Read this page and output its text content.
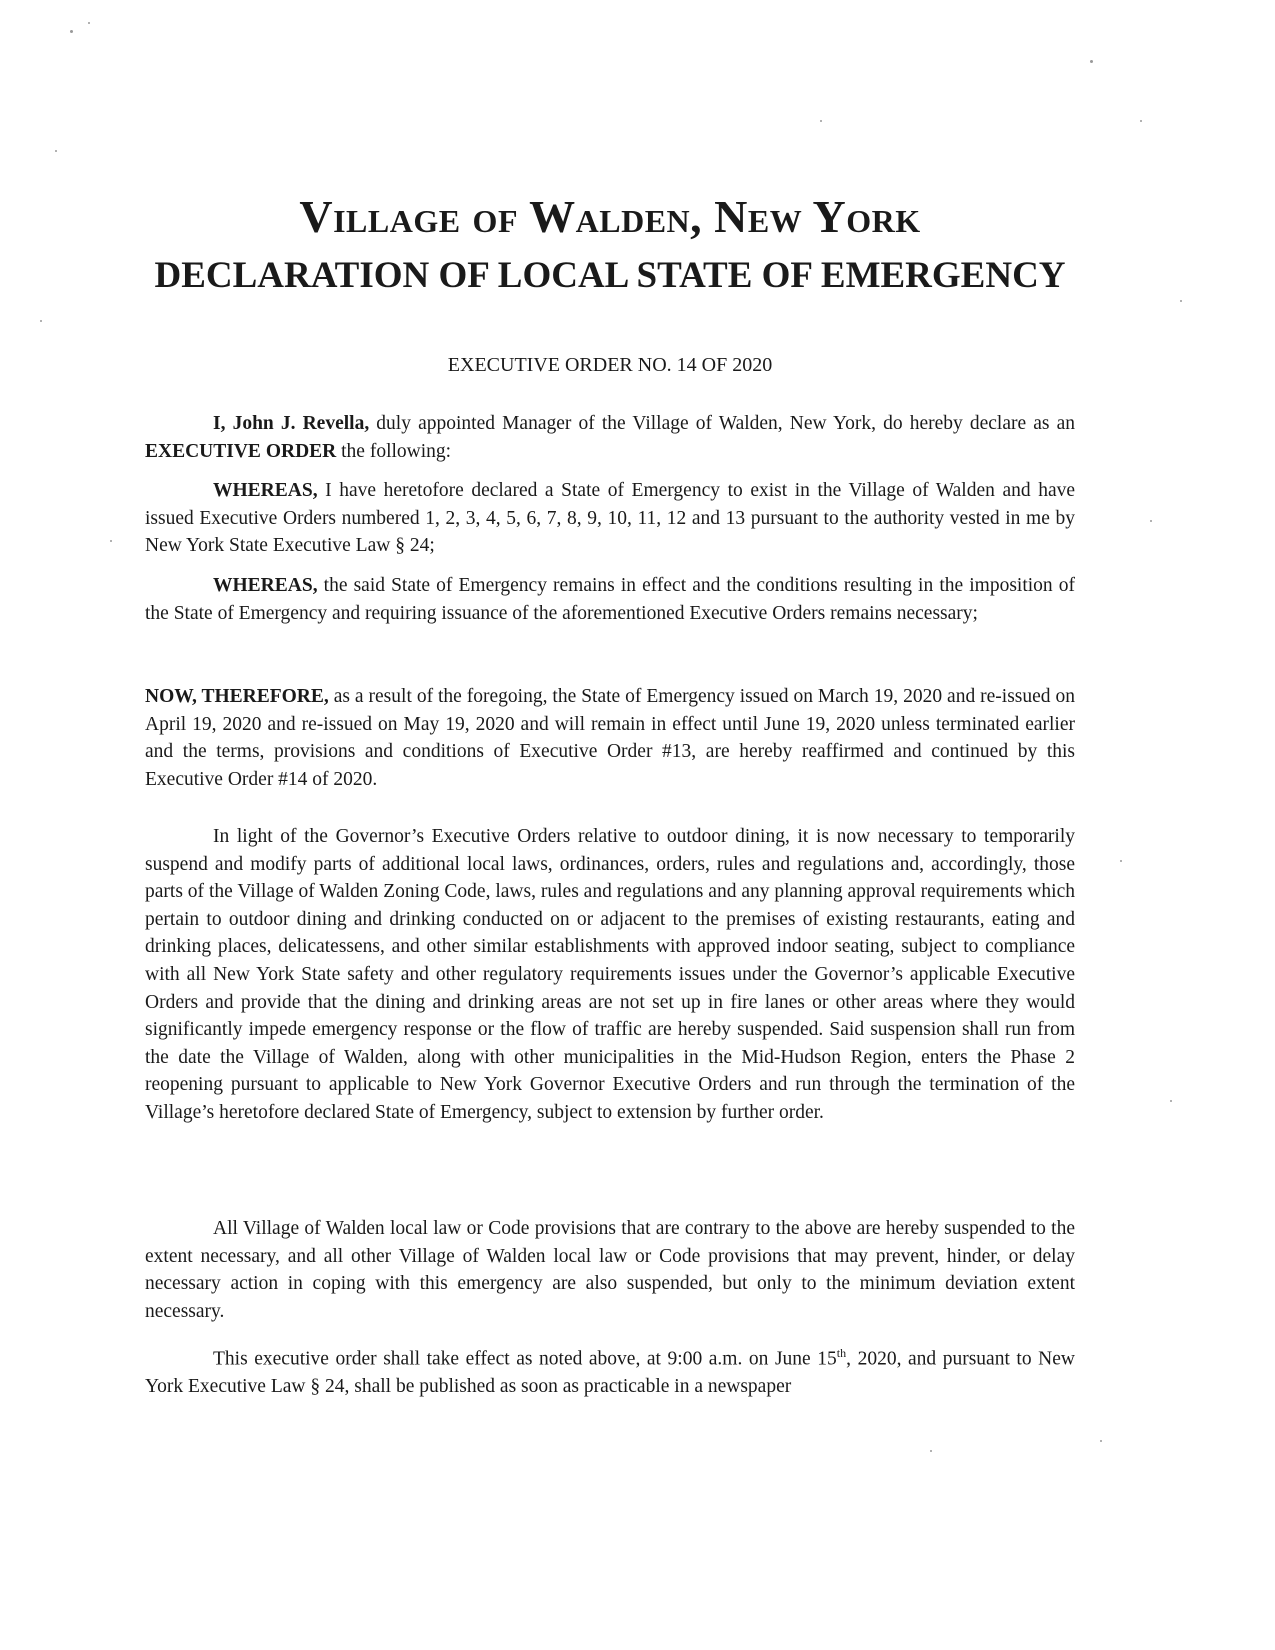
Village of Walden, New York
DECLARATION OF LOCAL STATE OF EMERGENCY

EXECUTIVE ORDER NO. 14 OF 2020

I, John J. Revella, duly appointed Manager of the Village of Walden, New York, do hereby declare as an EXECUTIVE ORDER the following:

WHEREAS, I have heretofore declared a State of Emergency to exist in the Village of Walden and have issued Executive Orders numbered 1, 2, 3, 4, 5, 6, 7, 8, 9, 10, 11, 12 and 13 pursuant to the authority vested in me by New York State Executive Law § 24;

WHEREAS, the said State of Emergency remains in effect and the conditions resulting in the imposition of the State of Emergency and requiring issuance of the aforementioned Executive Orders remains necessary;

NOW, THEREFORE, as a result of the foregoing, the State of Emergency issued on March 19, 2020 and re-issued on April 19, 2020 and re-issued on May 19, 2020 and will remain in effect until June 19, 2020 unless terminated earlier and the terms, provisions and conditions of Executive Order #13, are hereby reaffirmed and continued by this Executive Order #14 of 2020.

In light of the Governor’s Executive Orders relative to outdoor dining, it is now necessary to temporarily suspend and modify parts of additional local laws, ordinances, orders, rules and regulations and, accordingly, those parts of the Village of Walden Zoning Code, laws, rules and regulations and any planning approval requirements which pertain to outdoor dining and drinking conducted on or adjacent to the premises of existing restaurants, eating and drinking places, delicatessens, and other similar establishments with approved indoor seating, subject to compliance with all New York State safety and other regulatory requirements issues under the Governor’s applicable Executive Orders and provide that the dining and drinking areas are not set up in fire lanes or other areas where they would significantly impede emergency response or the flow of traffic are hereby suspended. Said suspension shall run from the date the Village of Walden, along with other municipalities in the Mid-Hudson Region, enters the Phase 2 reopening pursuant to applicable to New York Governor Executive Orders and run through the termination of the Village’s heretofore declared State of Emergency, subject to extension by further order.

All Village of Walden local law or Code provisions that are contrary to the above are hereby suspended to the extent necessary, and all other Village of Walden local law or Code provisions that may prevent, hinder, or delay necessary action in coping with this emergency are also suspended, but only to the minimum deviation extent necessary.

This executive order shall take effect as noted above, at 9:00 a.m. on June 15th, 2020, and pursuant to New York Executive Law § 24, shall be published as soon as practicable in a newspaper
